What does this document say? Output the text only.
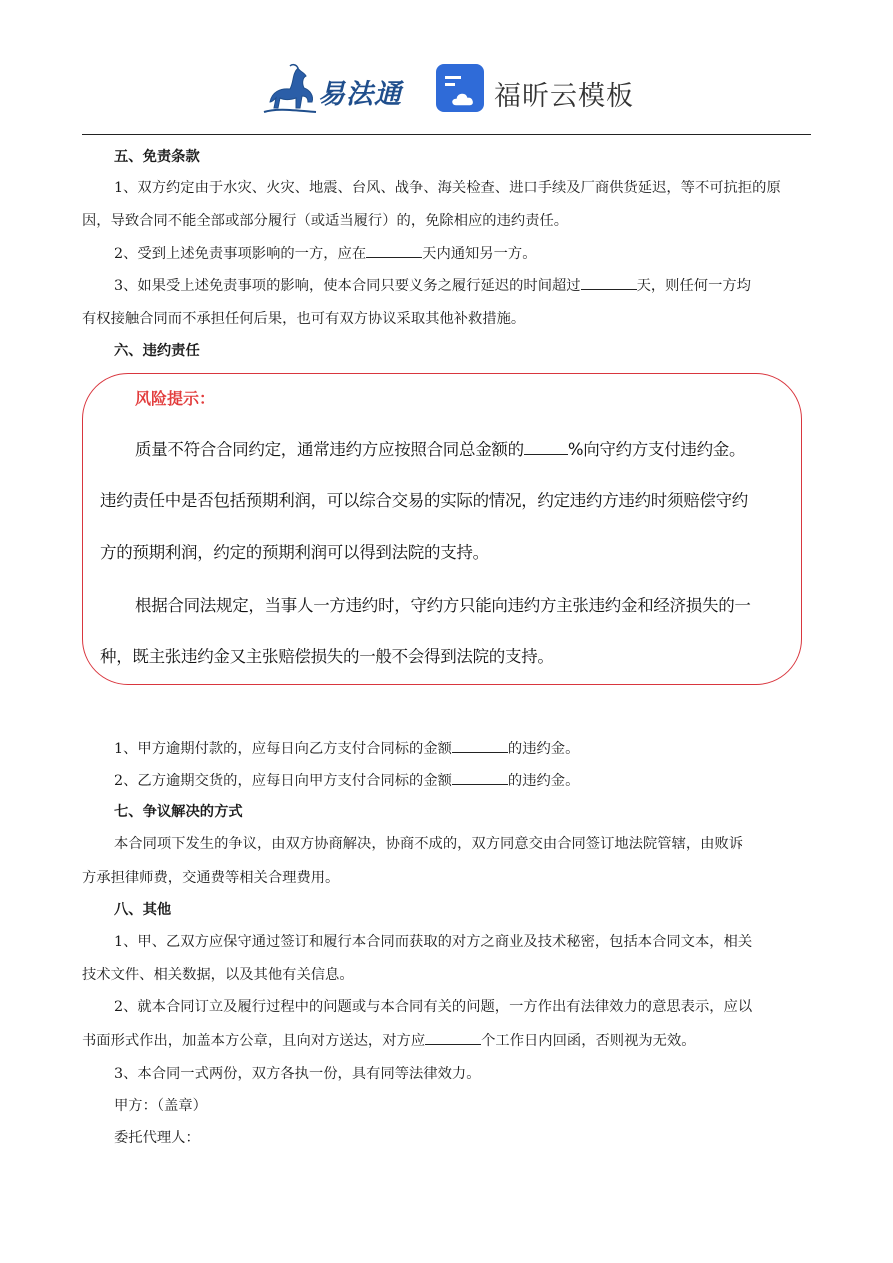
易法通	福昕云模板
五、免责条款
1、双方约定由于水灾、火灾、地震、台风、战争、海关检查、进口手续及厂商供货延迟，等不可抗拒的原
因，导致合同不能全部或部分履行（或适当履行）的，免除相应的违约责任。
2、受到上述免责事项影响的一方，应在	天内通知另一方。
3、如果受上述免责事项的影响，使本合同只要义务之履行延迟的时间超过	天，则任何一方均
有权接触合同而不承担任何后果，也可有双方协议采取其他补救措施。
六、违约责任
风险提示：
质量不符合合同约定，通常违约方应按照合同总金额的	%向守约方支付违约金。
违约责任中是否包括预期利润，可以综合交易的实际的情况，约定违约方违约时须赔偿守约
方的预期利润，约定的预期利润可以得到法院的支持。
根据合同法规定，当事人一方违约时，守约方只能向违约方主张违约金和经济损失的一
种，既主张违约金又主张赔偿损失的一般不会得到法院的支持。
1、甲方逾期付款的，应每日向乙方支付合同标的金额	的违约金。
2、乙方逾期交货的，应每日向甲方支付合同标的金额	的违约金。
七、争议解决的方式
本合同项下发生的争议，由双方协商解决，协商不成的，双方同意交由合同签订地法院管辖，由败诉
方承担律师费，交通费等相关合理费用。
八、其他
1、甲、乙双方应保守通过签订和履行本合同而获取的对方之商业及技术秘密，包括本合同文本，相关
技术文件、相关数据，以及其他有关信息。
2、就本合同订立及履行过程中的问题或与本合同有关的问题，一方作出有法律效力的意思表示，应以
书面形式作出，加盖本方公章，且向对方送达，对方应	个工作日内回函，否则视为无效。
3、本合同一式两份，双方各执一份，具有同等法律效力。
甲方：（盖章）
委托代理人：
